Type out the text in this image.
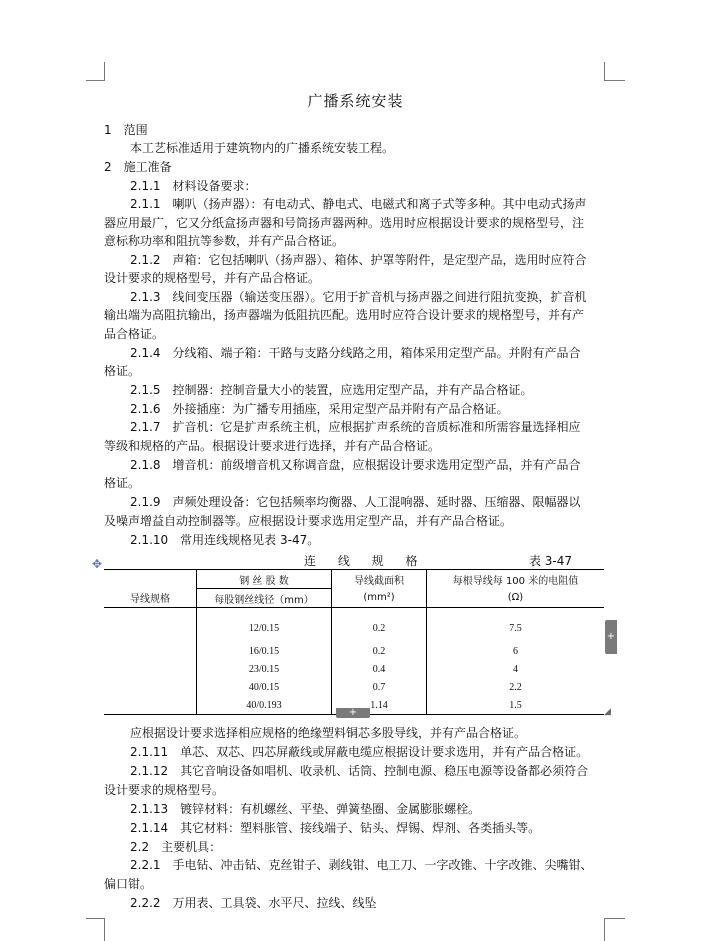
广播系统安装
1　范围
本工艺标准适用于建筑物内的广播系统安装工程。
2　施工准备
2.1.1　材料设备要求：
2.1.1　喇叭（扬声器）：有电动式、静电式、电磁式和离子式等多种。其中电动式扬声
器应用最广，它又分纸盒扬声器和号筒扬声器两种。选用时应根据设计要求的规格型号，注
意标称功率和阻抗等参数，并有产品合格证。
2.1.2　声箱：它包括喇叭（扬声器）、箱体、护罩等附件，是定型产品，选用时应符合
设计要求的规格型号，并有产品合格证。
2.1.3　线间变压器（输送变压器）。它用于扩音机与扬声器之间进行阻抗变换，扩音机
输出端为高阻抗输出，扬声器端为低阻抗匹配。选用时应符合设计要求的规格型号，并有产
品合格证。
2.1.4　分线箱、端子箱：干路与支路分线路之用，箱体采用定型产品。并附有产品合
格证。
2.1.5　控制器：控制音量大小的装置，应选用定型产品，并有产品合格证。
2.1.6　外接插座：为广播专用插座，采用定型产品并附有产品合格证。
2.1.7　扩音机：它是扩声系统主机，应根据扩声系统的音质标准和所需容量选择相应
等级和规格的产品。根据设计要求进行选择，并有产品合格证。
2.1.8　增音机：前级增音机又称调音盘，应根据设计要求选用定型产品，并有产品合
格证。
2.1.9　声频处理设备：它包括频率均衡器、人工混响器、延时器、压缩器、限幅器以
及噪声增益自动控制器等。应根据设计要求选用定型产品，并有产品合格证。
2.1.10　常用连线规格见表 3-47。
应根据设计要求选择相应规格的绝缘塑料铜芯多股导线，并有产品合格证。
2.1.11　单芯、双芯、四芯屏蔽线或屏蔽电缆应根据设计要求选用，并有产品合格证。
2.1.12　其它音响设备如唱机、收录机、话筒、控制电源、稳压电源等设备都必须符合
设计要求的规格型号。
2.1.13　镀锌材料：有机螺丝、平垫、弹簧垫圈、金属膨胀螺栓。
2.1.14　其它材料：塑料胀管、接线端子、钻头、焊锡、焊剂、各类插头等。
2.2　主要机具：
2.2.1　手电钻、冲击钻、克丝钳子、剥线钳、电工刀、一字改锥、十字改锥、尖嘴钳、
偏口钳。
2.2.2　万用表、工具袋、水平尺、拉线、线坠
✥	连 线 规 格	表 3-47
	钢 丝 股 数	导线截面积	每根导线每 100 米的电阻值
导线规格	每股钢丝线径（mm）	(mm²)	(Ω)
	12/0.15	0.2	7.5
	16/0.15	0.2	6
	23/0.15	0.4	4
	40/0.15	0.7	2.2
	40/0.193	1.14	1.5
+
+	◢
